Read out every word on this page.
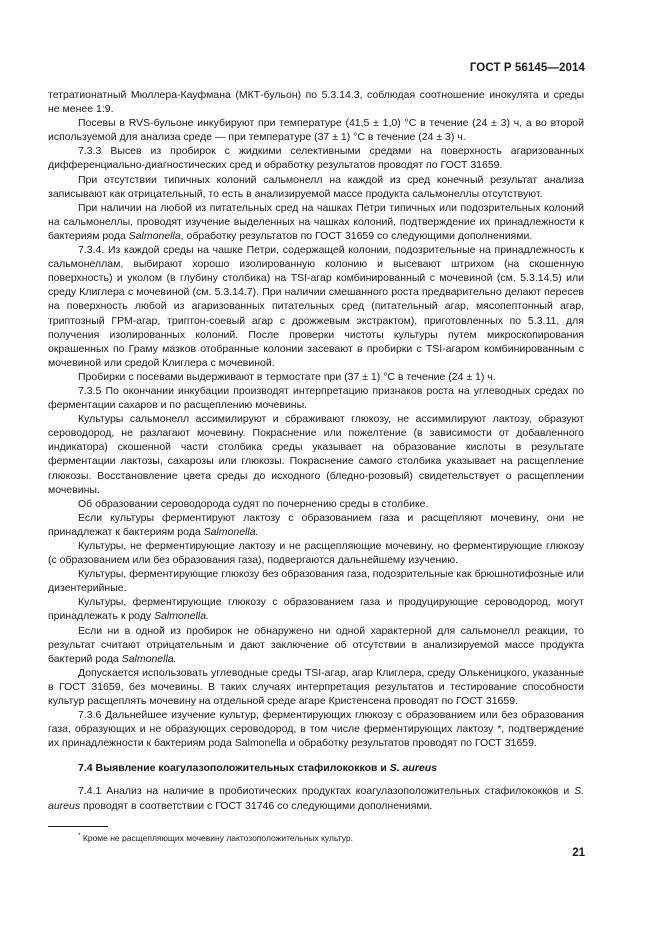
ГОСТ Р 56145—2014

тетратионатный Мюллера-Кауфмана (МКТ-бульон) по 5.3.14.3, соблюдая соотношение инокулята и среды не менее 1:9.

Посевы в RVS-бульоне инкубируют при температуре (41,5 ± 1,0) °С в течение (24 ± 3) ч, а во второй используемой для анализа среде — при температуре (37 ± 1) °С в течение (24 ± 3) ч.

7.3.3 Высев из пробирок с жидкими селективными средами на поверхность агаризованных дифференциально-диагностических сред и обработку результатов проводят по ГОСТ 31659.

При отсутствии типичных колоний сальмонелл на каждой из сред конечный результат анализа записывают как отрицательный, то есть в анализируемой массе продукта сальмонеллы отсутствуют.

При наличии на любой из питательных сред на чашках Петри типичных или подозрительных колоний на сальмонеллы, проводят изучение выделенных на чашках колоний, подтверждение их принадлежности к бактериям рода Salmonella, обработку результатов по ГОСТ 31659 со следующими дополнениями.

7.3.4. Из каждой среды на чашке Петри, содержащей колонии, подозрительные на принадлежность к сальмонеллам, выбирают хорошо изолированную колонию и высевают штрихом (на скошенную поверхность) и уколом (в глубину столбика) на TSI-агар комбинированный с мочевиной (см. 5.3.14.5) или среду Клиглера с мочевиной (см. 5.3.14.7). При наличии смешанного роста предварительно делают пересев на поверхность любой из агаризованных питательных сред (питательный агар, мясопептонный агар, триптозный ГРМ-агар, триптон-соевый агар с дрожжевым экстрактом), приготовленных по 5.3.11, для получения изолированных колоний. После проверки чистоты культуры путем микроскопирования окрашенных по Граму мазков отобранные колонии засевают в пробирки с TSI-агаром комбинированным с мочевиной или средой Клиглера с мочевиной.

Пробирки с посевами выдерживают в термостате при (37 ± 1) °С в течение (24 ± 1) ч.

7.3.5 По окончании инкубации производят интерпретацию признаков роста на углеводных средах по ферментации сахаров и по расщеплению мочевины.

Культуры сальмонелл ассимилируют и сбраживают глюкозу, не ассимилируют лактозу, образуют сероводород, не разлагают мочевину. Покраснение или пожелтение (в зависимости от добавленного индикатора) скошенной части столбика среды указывает на образование кислоты в результате ферментации лактозы, сахарозы или глюкозы. Покраснение самого столбика указывает на расщепление глюкозы. Восстановление цвета среды до исходного (бледно-розовый) свидетельствует о расщеплении мочевины.

Об образовании сероводорода судят по почернению среды в столбике.

Если культуры ферментируют лактозу с образованием газа и расщепляют мочевину, они не принадлежат к бактериям рода Salmonella.

Культуры, не ферментирующие лактозу и не расщепляющие мочевину, но ферментирующие глюкозу (с образованием или без образования газа), подвергаются дальнейшему изучению.

Культуры, ферментирующие глюкозу без образования газа, подозрительные как брюшнотифозные или дизентерийные.

Культуры, ферментирующие глюкозу с образованием газа и продуцирующие сероводород, могут принадлежать к роду Salmonella.

Если ни в одной из пробирок не обнаружено ни одной характерной для сальмонелл реакции, то результат считают отрицательным и дают заключение об отсутствии в анализируемой массе продукта бактерий рода Salmonella.

Допускается использовать углеводные среды TSI-агар, агар Клиглера, среду Олькеницкого, указанные в ГОСТ 31659, без мочевины. В таких случаях интерпретация результатов и тестирование способности культур расщеплять мочевину на отдельной среде агаре Кристенсена проводят по ГОСТ 31659.

7.3.6 Дальнейшее изучение культур, ферментирующих глюкозу с образованием или без образования газа, образующих и не образующих сероводород, в том числе ферментирующих лактозу *, подтверждение их принадлежности к бактериям рода Salmonella и обработку результатов проводят по ГОСТ 31659.

7.4 Выявление коагулазоположительных стафилококков и S. aureus

7.4.1 Анализ на наличие в пробиотических продуктах коагулазоположительных стафилококков и S. aureus проводят в соответствии с ГОСТ 31746 со следующими дополнениями.

* Кроме не расщепляющих мочевину лактозоположительных культур.
21
